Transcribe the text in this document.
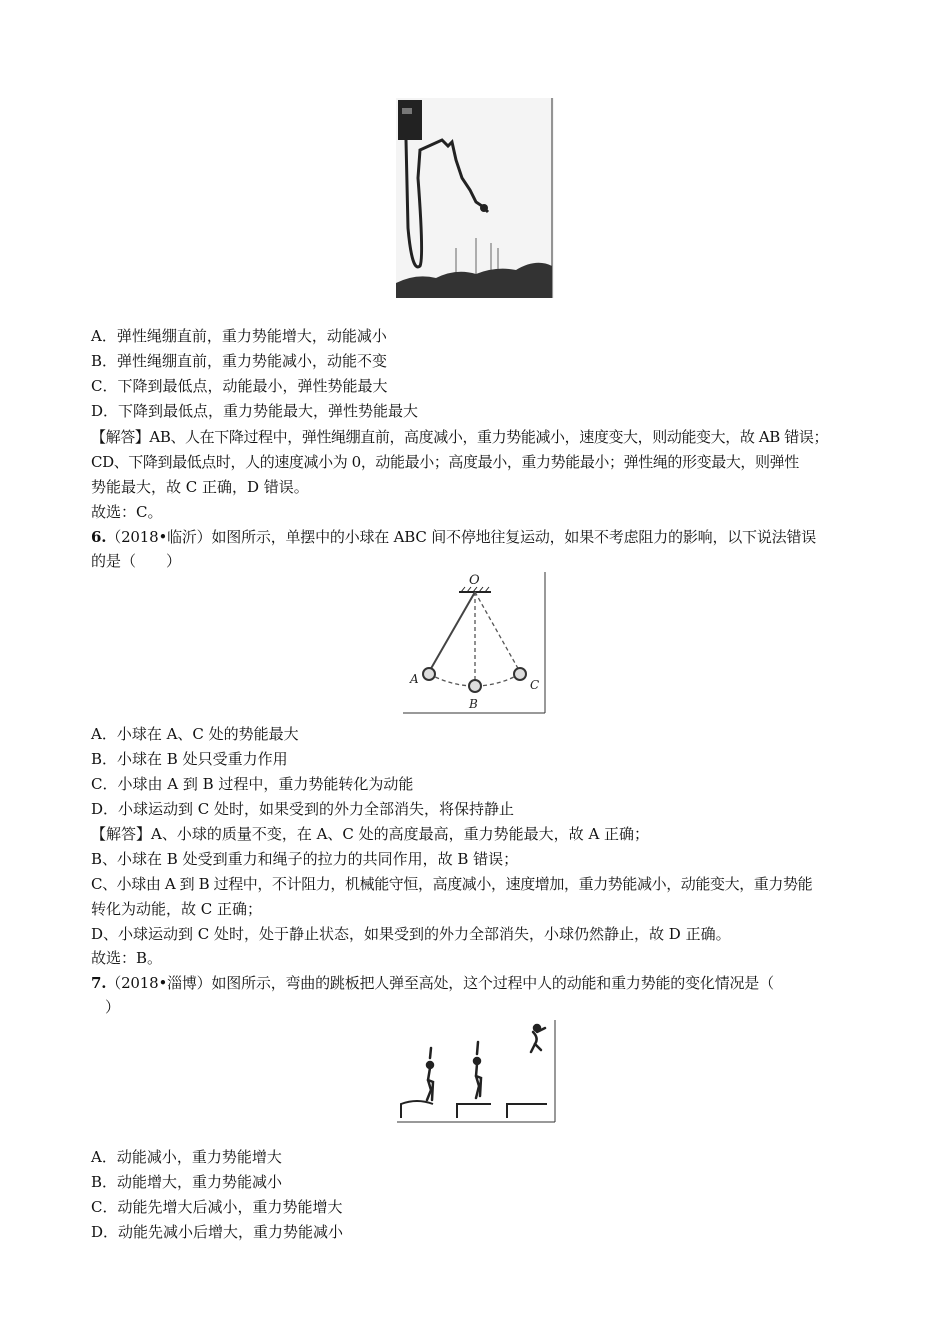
A．弹性绳绷直前，重力势能增大，动能减小
B．弹性绳绷直前，重力势能减小，动能不变
C．下降到最低点，动能最小，弹性势能最大
D．下降到最低点，重力势能最大，弹性势能最大
【解答】AB、人在下降过程中，弹性绳绷直前，高度减小，重力势能减小，速度变大，则动能变大，故 AB 错误；
CD、下降到最低点时，人的速度减小为 0，动能最小；高度最小，重力势能最小；弹性绳的形变最大，则弹性
势能最大，故 C 正确，D 错误。
故选：C。
6.（2018•临沂）如图所示，单摆中的小球在 ABC 间不停地往复运动，如果不考虑阻力的影响，以下说法错误
的是（　　）
O
A
B
C
A．小球在 A、C 处的势能最大
B．小球在 B 处只受重力作用
C．小球由 A 到 B 过程中，重力势能转化为动能
D．小球运动到 C 处时，如果受到的外力全部消失，将保持静止
【解答】A、小球的质量不变，在 A、C 处的高度最高，重力势能最大，故 A 正确；
B、小球在 B 处受到重力和绳子的拉力的共同作用，故 B 错误；
C、小球由 A 到 B 过程中，不计阻力，机械能守恒，高度减小，速度增加，重力势能减小，动能变大，重力势能
转化为动能，故 C 正确；
D、小球运动到 C 处时，处于静止状态，如果受到的外力全部消失，小球仍然静止，故 D 正确。
故选：B。
7.（2018•淄博）如图所示，弯曲的跳板把人弹至高处，这个过程中人的动能和重力势能的变化情况是（
）
A．动能减小，重力势能增大
B．动能增大，重力势能减小
C．动能先增大后减小，重力势能增大
D．动能先减小后增大，重力势能减小
